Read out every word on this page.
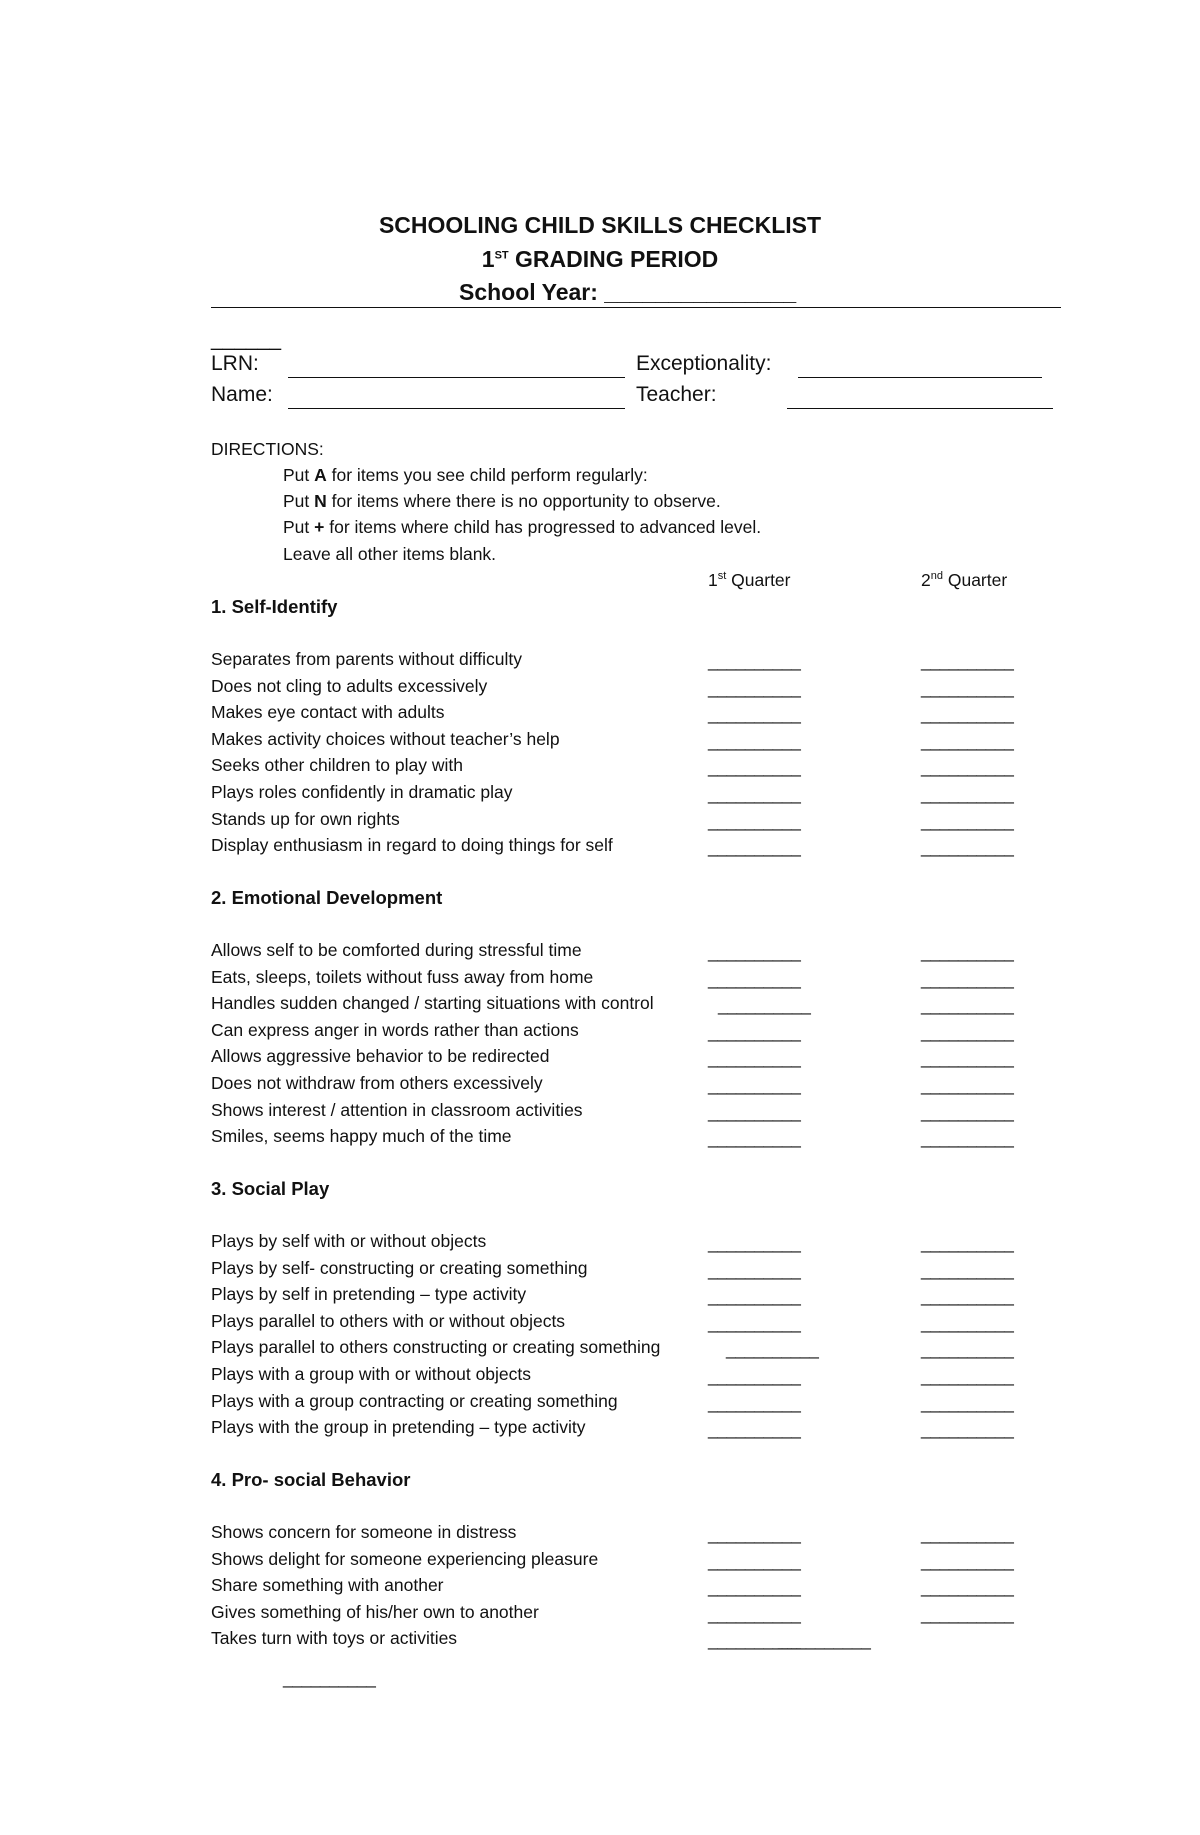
SCHOOLING CHILD SKILLS CHECKLIST
1ST GRADING PERIOD
School Year: _______________
______
LRN:	Exceptionality:
Name:	Teacher:
DIRECTIONS:
Put A for items you see child perform regularly:
Put N for items where there is no opportunity to observe.
Put + for items where child has progressed to advanced level.
Leave all other items blank.
1st Quarter	2nd Quarter
1. Self-Identify
Separates from parents without difficulty	__________	__________
Does not cling to adults excessively	__________	__________
Makes eye contact with adults	__________	__________
Makes activity choices without teacher’s help	__________	__________
Seeks other children to play with	__________	__________
Plays roles confidently in dramatic play	__________	__________
Stands up for own rights	__________	__________
Display enthusiasm in regard to doing things for self	__________	__________
2. Emotional Development
Allows self to be comforted during stressful time	__________	__________
Eats, sleeps, toilets without fuss away from home	__________	__________
Handles sudden changed / starting situations with control	__________	__________
Can express anger in words rather than actions	__________	__________
Allows aggressive behavior to be redirected	__________	__________
Does not withdraw from others excessively	__________	__________
Shows interest / attention in classroom activities	__________	__________
Smiles, seems happy much of the time	__________	__________
3. Social Play
Plays by self with or without objects	__________	__________
Plays by self- constructing or creating something	__________	__________
Plays by self in pretending – type activity	__________	__________
Plays parallel to others with or without objects	__________	__________
Plays parallel to others constructing or creating something	__________	__________
Plays with a group with or without objects	__________	__________
Plays with a group contracting or creating something	__________	__________
Plays with the group in pretending – type activity	__________	__________
4. Pro- social Behavior
Shows concern for someone in distress	__________	__________
Shows delight for someone experiencing pleasure	__________	__________
Share something with another	__________	__________
Gives something of his/her own to another	__________	__________
Takes turn with toys or activities	__________
__________
__________
